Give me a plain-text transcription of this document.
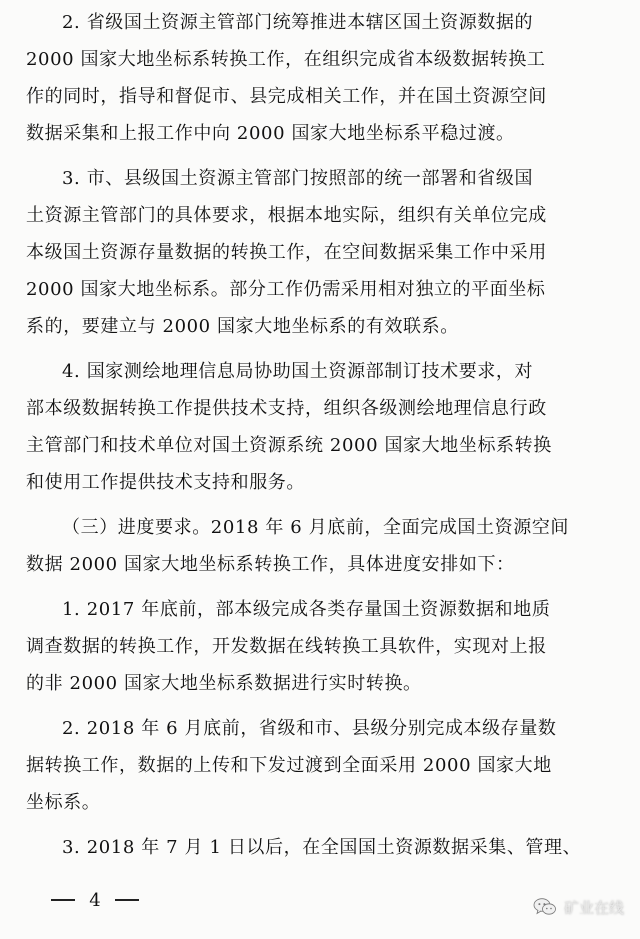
2. 省级国土资源主管部门统筹推进本辖区国土资源数据的
2000 国家大地坐标系转换工作，在组织完成省本级数据转换工
作的同时，指导和督促市、县完成相关工作，并在国土资源空间
数据采集和上报工作中向 2000 国家大地坐标系平稳过渡。
3. 市、县级国土资源主管部门按照部的统一部署和省级国
土资源主管部门的具体要求，根据本地实际，组织有关单位完成
本级国土资源存量数据的转换工作，在空间数据采集工作中采用
2000 国家大地坐标系。部分工作仍需采用相对独立的平面坐标
系的，要建立与 2000 国家大地坐标系的有效联系。
4. 国家测绘地理信息局协助国土资源部制订技术要求，对
部本级数据转换工作提供技术支持，组织各级测绘地理信息行政
主管部门和技术单位对国土资源系统 2000 国家大地坐标系转换
和使用工作提供技术支持和服务。
（三）进度要求。2018 年 6 月底前，全面完成国土资源空间
数据 2000 国家大地坐标系转换工作，具体进度安排如下：
1. 2017 年底前，部本级完成各类存量国土资源数据和地质
调查数据的转换工作，开发数据在线转换工具软件，实现对上报
的非 2000 国家大地坐标系数据进行实时转换。
2. 2018 年 6 月底前，省级和市、县级分别完成本级存量数
据转换工作，数据的上传和下发过渡到全面采用 2000 国家大地
坐标系。
3. 2018 年 7 月 1 日以后，在全国国土资源数据采集、管理、
4	矿业在线
